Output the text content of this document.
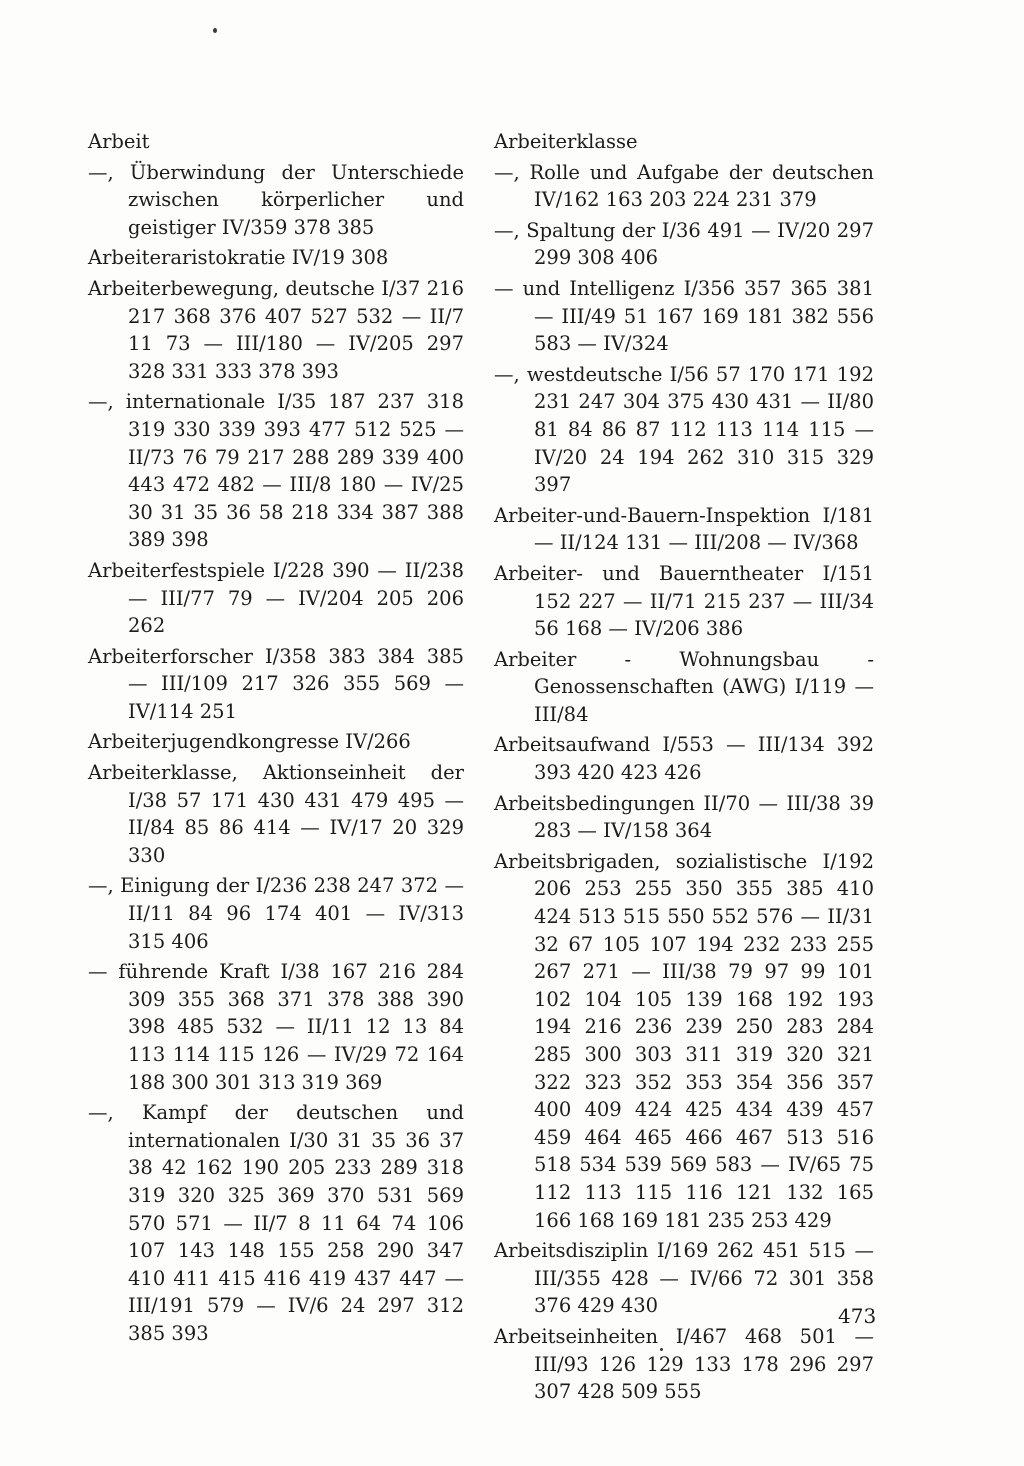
Arbeit
—, Überwindung der Unterschiede zwischen körperlicher und geistiger IV/359 378 385
Arbeiteraristokratie IV/19 308
Arbeiterbewegung, deutsche I/37 216 217 368 376 407 527 532 — II/7 11 73 — III/180 — IV/205 297 328 331 333 378 393
—, internationale I/35 187 237 318 319 330 339 393 477 512 525 — II/73 76 79 217 288 289 339 400 443 472 482 — III/8 180 — IV/25 30 31 35 36 58 218 334 387 388 389 398
Arbeiterfestspiele I/228 390 — II/238 — III/77 79 — IV/204 205 206 262
Arbeiterforscher I/358 383 384 385 — III/109 217 326 355 569 — IV/114 251
Arbeiterjugendkongresse IV/266
Arbeiterklasse, Aktionseinheit der I/38 57 171 430 431 479 495 — II/84 85 86 414 — IV/17 20 329 330
—, Einigung der I/236 238 247 372 — II/11 84 96 174 401 — IV/313 315 406
— führende Kraft I/38 167 216 284 309 355 368 371 378 388 390 398 485 532 — II/11 12 13 84 113 114 115 126 — IV/29 72 164 188 300 301 313 319 369
—, Kampf der deutschen und internationalen I/30 31 35 36 37 38 42 162 190 205 233 289 318 319 320 325 369 370 531 569 570 571 — II/7 8 11 64 74 106 107 143 148 155 258 290 347 410 411 415 416 419 437 447 — III/191 579 — IV/6 24 297 312 385 393
Arbeiterklasse
—, Rolle und Aufgabe der deutschen IV/162 163 203 224 231 379
—, Spaltung der I/36 491 — IV/20 297 299 308 406
— und Intelligenz I/356 357 365 381 — III/49 51 167 169 181 382 556 583 — IV/324
—, westdeutsche I/56 57 170 171 192 231 247 304 375 430 431 — II/80 81 84 86 87 112 113 114 115 — IV/20 24 194 262 310 315 329 397
Arbeiter-und-Bauern-Inspektion I/181 — II/124 131 — III/208 — IV/368
Arbeiter- und Bauerntheater I/151 152 227 — II/71 215 237 — III/34 56 168 — IV/206 386
Arbeiter - Wohnungsbau - Genossenschaften (AWG) I/119 — III/84
Arbeitsaufwand I/553 — III/134 392 393 420 423 426
Arbeitsbedingungen II/70 — III/38 39 283 — IV/158 364
Arbeitsbrigaden, sozialistische I/192 206 253 255 350 355 385 410 424 513 515 550 552 576 — II/31 32 67 105 107 194 232 233 255 267 271 — III/38 79 97 99 101 102 104 105 139 168 192 193 194 216 236 239 250 283 284 285 300 303 311 319 320 321 322 323 352 353 354 356 357 400 409 424 425 434 439 457 459 464 465 466 467 513 516 518 534 539 569 583 — IV/65 75 112 113 115 116 121 132 165 166 168 169 181 235 253 429
Arbeitsdisziplin I/169 262 451 515 — III/355 428 — IV/66 72 301 358 376 429 430
Arbeitseinheiten I/467 468 501 — III/93 126 129 133 178 296 297 307 428 509 555
473
